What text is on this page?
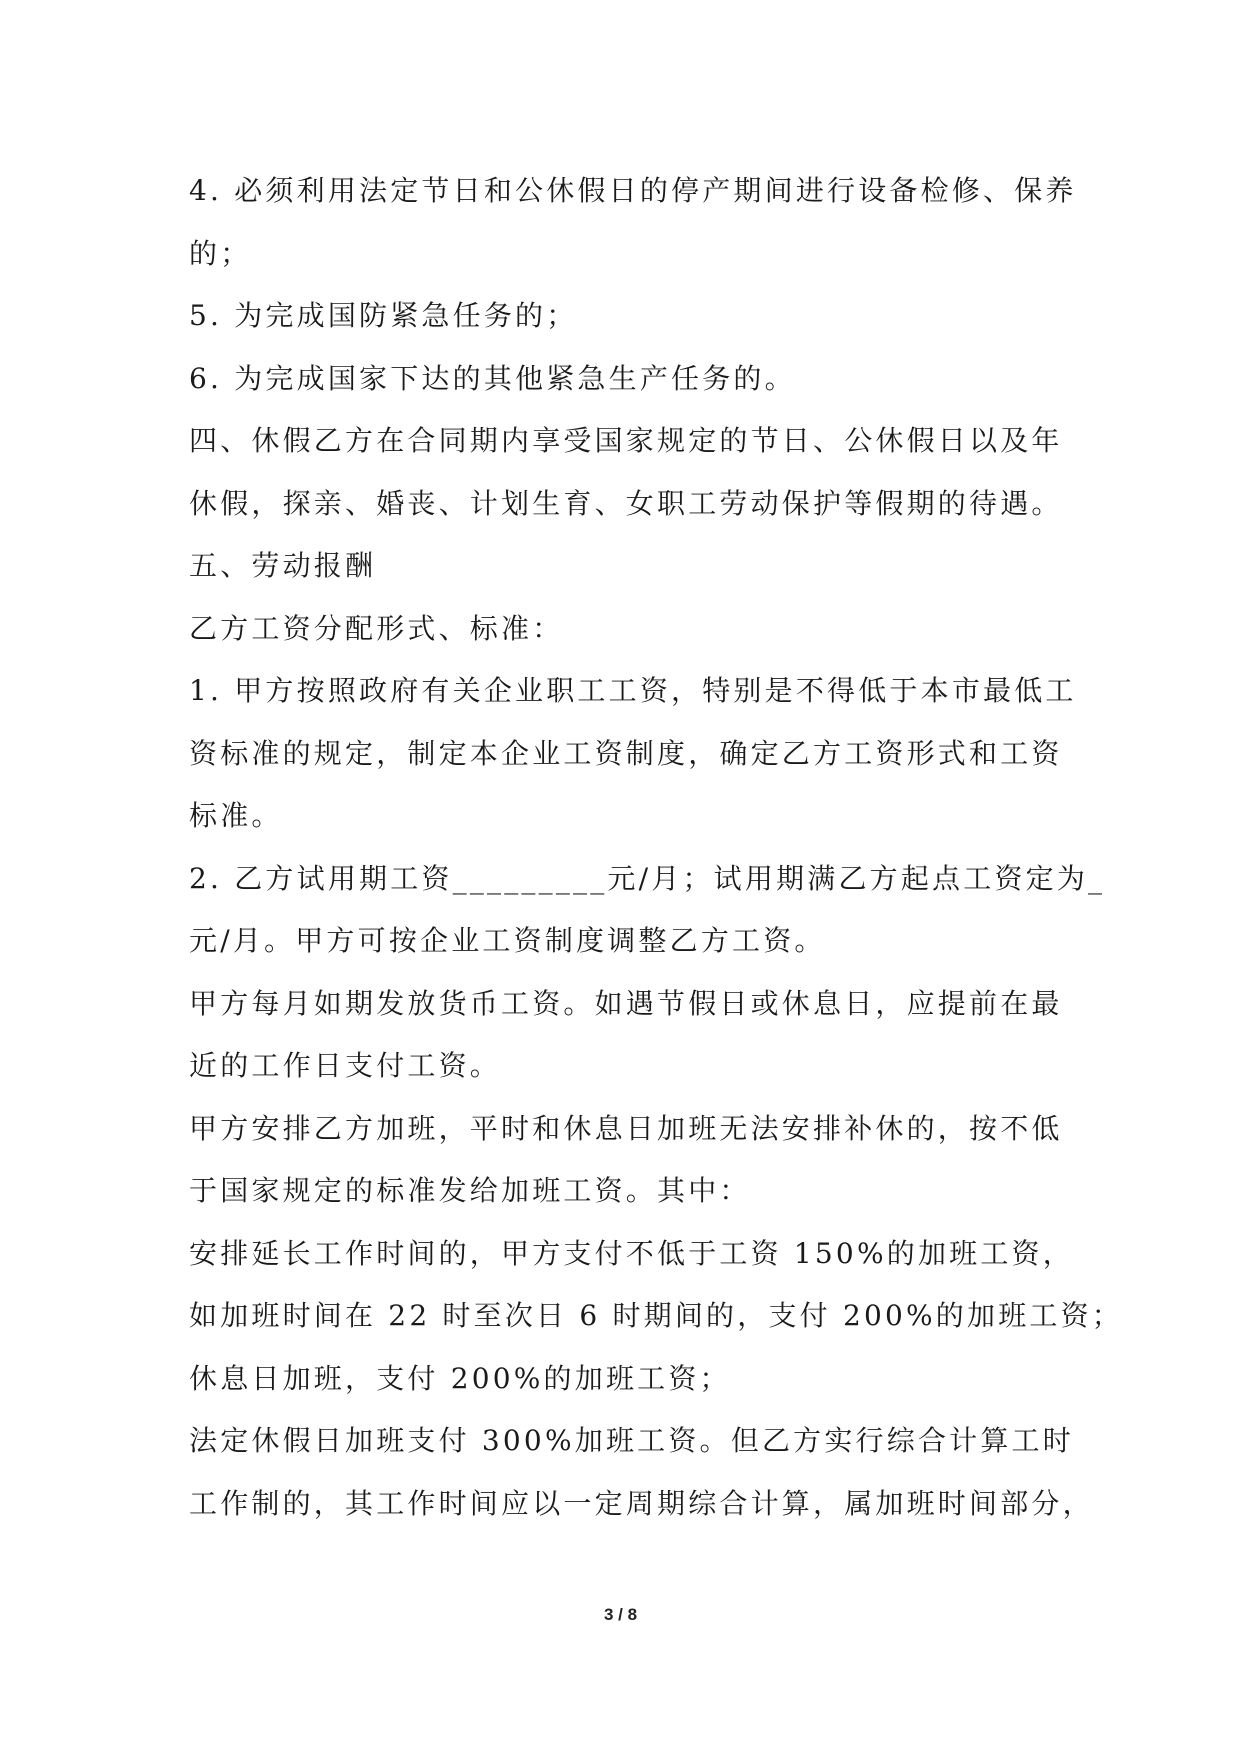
4. 必须利用法定节日和公休假日的停产期间进行设备检修、保养
的；
5. 为完成国防紧急任务的；
6. 为完成国家下达的其他紧急生产任务的。
四、休假乙方在合同期内享受国家规定的节日、公休假日以及年
休假，探亲、婚丧、计划生育、女职工劳动保护等假期的待遇。
五、劳动报酬
乙方工资分配形式、标准：
1. 甲方按照政府有关企业职工工资，特别是不得低于本市最低工
资标准的规定，制定本企业工资制度，确定乙方工资形式和工资
标准。
2. 乙方试用期工资_________元/月；试用期满乙方起点工资定为_
元/月。甲方可按企业工资制度调整乙方工资。
甲方每月如期发放货币工资。如遇节假日或休息日，应提前在最
近的工作日支付工资。
甲方安排乙方加班，平时和休息日加班无法安排补休的，按不低
于国家规定的标准发给加班工资。其中：
安排延长工作时间的，甲方支付不低于工资 150%的加班工资，
如加班时间在 22 时至次日 6 时期间的，支付 200%的加班工资；
休息日加班，支付 200%的加班工资；
法定休假日加班支付 300%加班工资。但乙方实行综合计算工时
工作制的，其工作时间应以一定周期综合计算，属加班时间部分，
3 / 8
